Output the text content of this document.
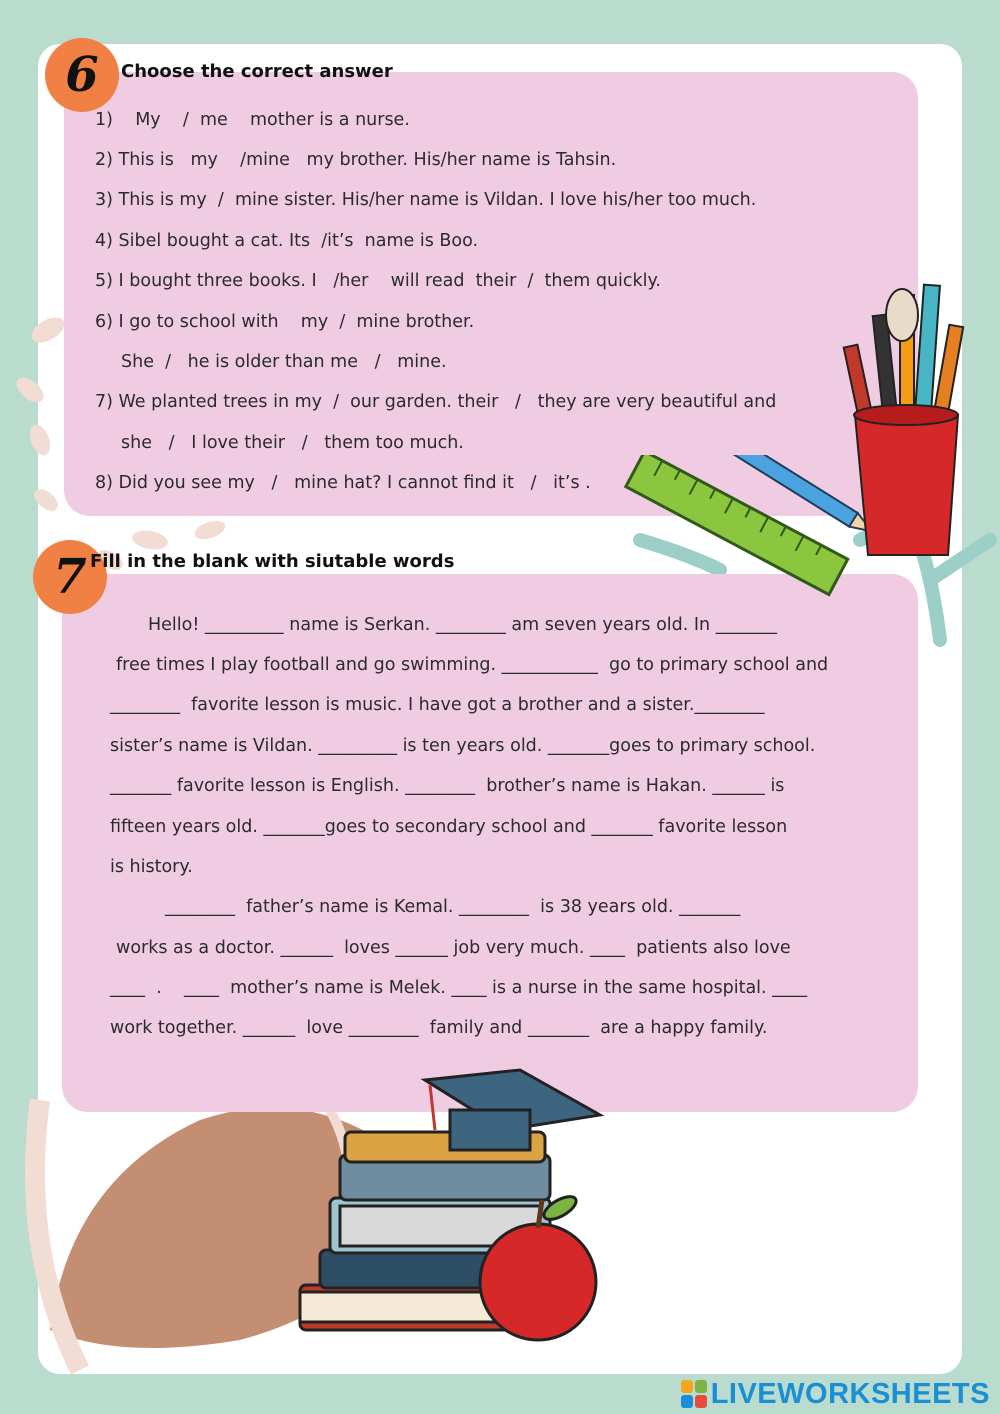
6	Choose the correct answer
1)    My    /  me    mother is a nurse.
2) This is   my    /mine   my brother. His/her name is Tahsin.
3) This is my  /  mine sister. His/her name is Vildan. I love his/her too much.
4) Sibel bought a cat. Its  /it’s  name is Boo.
5) I bought three books. I   /her    will read  their  /  them quickly.
6) I go to school with    my  /  mine brother.
She  /   he is older than me   /   mine.
7) We planted trees in my  /  our garden. their   /   they are very beautiful and
she   /   I love their   /   them too much.
8) Did you see my   /   mine hat? I cannot find it   /   it’s .
7 Fill in the blank with siutable words
Hello! _________ name is Serkan. ________ am seven years old. In _______
free times I play football and go swimming. ___________  go to primary school and
________  favorite lesson is music. I have got a brother and a sister.________
sister’s name is Vildan. _________ is ten years old. _______goes to primary school.
_______ favorite lesson is English. ________  brother’s name is Hakan. ______ is
fifteen years old. _______goes to secondary school and _______ favorite lesson
is history.
________  father’s name is Kemal. ________  is 38 years old. _______
works as a doctor. ______  loves ______ job very much. ____  patients also love
____  .    ____  mother’s name is Melek. ____ is a nurse in the same hospital. ____
work together. ______  love ________  family and _______  are a happy family.
LIVEWORKSHEETS
